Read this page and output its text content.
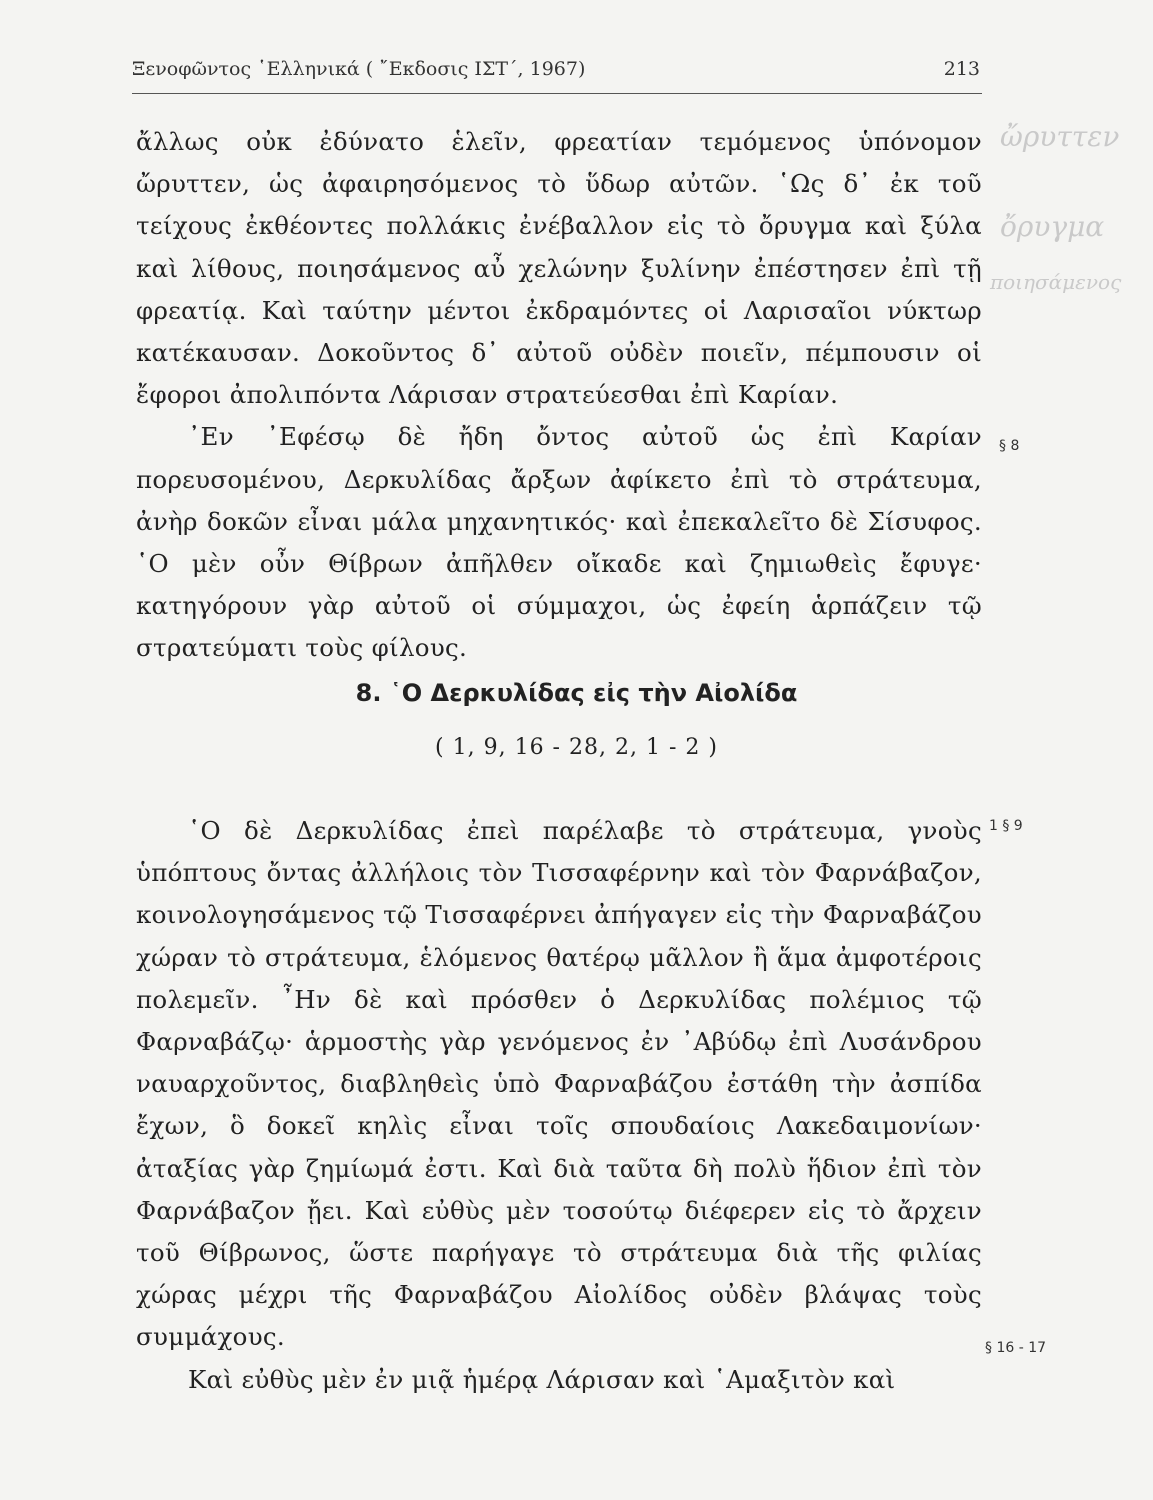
Ξενοφῶντος ῾Ελληνικά ( ῎Εκδοσις ΙΣΤ΄, 1967)	213

ἄλλως οὐκ ἐδύνατο ἑλεῖν, φρεατίαν τεμόμενος ὑπόνομον ὤρυττεν, ὡς ἀφαιρησόμενος τὸ ὕδωρ αὐτῶν. ῾Ως δ᾽ ἐκ τοῦ τείχους ἐκθέοντες πολλάκις ἐνέβαλλον εἰς τὸ ὄρυγμα καὶ ξύλα καὶ λίθους, ποιησάμενος αὖ χελώνην ξυλίνην ἐπέστησεν ἐπὶ τῇ φρεατίᾳ. Καὶ ταύτην μέντοι ἐκδραμόντες οἱ Λαρισαῖοι νύκτωρ κατέκαυσαν. Δοκοῦντος δ᾽ αὐτοῦ οὐδὲν ποιεῖν, πέμπουσιν οἱ ἔφοροι ἀπολιπόντα Λάρισαν στρατεύεσθαι ἐπὶ Καρίαν.

᾽Εν ᾽Εφέσῳ δὲ ἤδη ὄντος αὐτοῦ ὡς ἐπὶ Καρίαν πορευσομένου, Δερκυλίδας ἄρξων ἀφίκετο ἐπὶ τὸ στράτευμα, ἀνὴρ δοκῶν εἶναι μάλα μηχανητικός· καὶ ἐπεκαλεῖτο δὲ Σίσυφος. ῾Ο μὲν οὖν Θίβρων ἀπῆλθεν οἴκαδε καὶ ζημιωθεὶς ἔφυγε· κατηγόρουν γὰρ αὐτοῦ οἱ σύμμαχοι, ὡς ἐφείη ἁρπάζειν τῷ στρατεύματι τοὺς φίλους.

8. ῾Ο Δερκυλίδας εἰς τὴν Αἰολίδα
( 1, 9, 16 - 28, 2, 1 - 2 )

῾Ο δὲ Δερκυλίδας ἐπεὶ παρέλαβε τὸ στράτευμα, γνοὺς ὑπόπτους ὄντας ἀλλήλοις τὸν Τισσαφέρνην καὶ τὸν Φαρνάβαζον, κοινολογησάμενος τῷ Τισσαφέρνει ἀπήγαγεν εἰς τὴν Φαρναβάζου χώραν τὸ στράτευμα, ἑλόμενος θατέρῳ μᾶλλον ἢ ἅμα ἀμφοτέροις πολεμεῖν. ῏Ην δὲ καὶ πρόσθεν ὁ Δερκυλίδας πολέμιος τῷ Φαρναβάζῳ· ἁρμοστὴς γὰρ γενόμενος ἐν ᾽Αβύδῳ ἐπὶ Λυσάνδρου ναυαρχοῦντος, διαβληθεὶς ὑπὸ Φαρναβάζου ἐστάθη τὴν ἀσπίδα ἔχων, ὃ δοκεῖ κηλὶς εἶναι τοῖς σπουδαίοις Λακεδαιμονίων· ἀταξίας γὰρ ζημίωμά ἐστι. Καὶ διὰ ταῦτα δὴ πολὺ ἥδιον ἐπὶ τὸν Φαρνάβαζον ᾔει. Καὶ εὐθὺς μὲν τοσούτῳ διέφερεν εἰς τὸ ἄρχειν τοῦ Θίβρωνος, ὥστε παρήγαγε τὸ στράτευμα διὰ τῆς φιλίας χώρας μέχρι τῆς Φαρναβάζου Αἰολίδος οὐδὲν βλάψας τοὺς συμμάχους.

Καὶ εὐθὺς μὲν ἐν μιᾷ ἡμέρᾳ Λάρισαν καὶ ῾Αμαξιτὸν καὶ

§ 8
1 § 9
§ 16 - 17
ὤρυττεν
ὄρυγμα
ποιησάμενος
